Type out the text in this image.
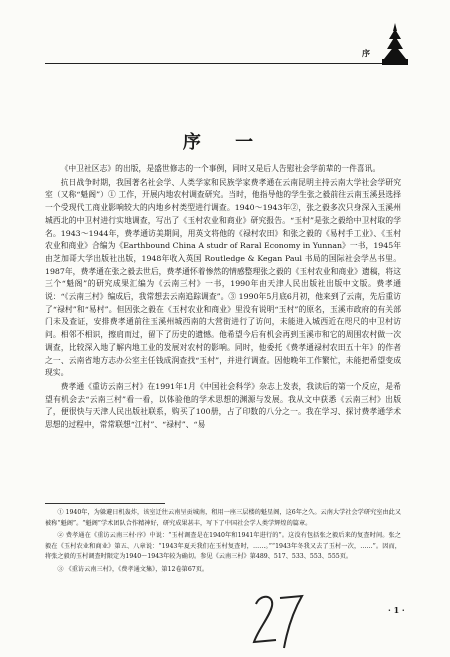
序
序 一

《中卫社区志》的出版，是盛世修志的一个事例，同时又是后人告慰社会学前辈的一件喜讯。

抗日战争时期，我国著名社会学、人类学家和民族学家费孝通在云南昆明主持云南大学社会学研究室（又称“魁阁”）① 工作，开展内地农村调查研究。当时，他指导他的学生张之毅前往云南玉溪县选择一个受现代工商业影响较大的内地乡村类型进行调查。1940～1943年②，张之毅多次只身深入玉溪州城西北的中卫村进行实地调查，写出了《玉村农业和商业》研究报告。“玉村”是张之毅给中卫村取的学名。1943～1944年，费孝通访美期间，用英文将他的《禄村农田》和张之毅的《易村手工业》、《玉村农业和商业》合编为《Earthbound China A studr of Raral Economy in Yunnan》一书，1945年由芝加哥大学出版社出版，1948年收入英国 Routledge & Kegan Paul 书局的国际社会学丛书里。1987年，费孝通在张之毅去世后，费孝通怀着惨然的情感整理张之毅的《玉村农业和商业》遗稿，将这三个“魁阁”的研究成果汇编为《云南三村》一书，1990年由天津人民出版社出版中文版。费孝通说：“《云南三村》编成后，我常想去云南追踪调查”。③ 1990年5月底6月初，他来到了云南，先后重访了“禄村”和“易村”。但因张之毅在《玉村农业和商业》里没有说明“玉村”的原名，玉溪市政府的有关部门未及查证，安排费孝通前往玉溪州城西南的大营街进行了访问，未能进入城西近在咫尺的中卫村访问。相邻不相识，擦肩而过，留下了历史的遗憾。他希望今后有机会再到玉溪市和它的周围农村做一次调查，比较深入地了解内地工业的发展对农村的影响。同时，他委托《费孝通禄村农田五十年》的作者之一、云南省地方志办公室主任钱成润查找“玉村”，并进行调查。因他晚年工作繁忙，未能把希望变成现实。

费孝通《重访云南三村》在1991年1月《中国社会科学》杂志上发表，我读后的第一个反应，是希望有机会去“云南三村”看一看，以体验他的学术思想的渊源与发展。我从文中获悉《云南三村》出版了，便很快与天津人民出版社联系，购买了100册，占了印数的八分之一。我在学习、探讨费孝通学术思想的过程中，常常联想“江村”、“禄村”、“易

① 1940年，为躲避日机轰炸，该室迁往云南呈贡城南，租用一座三层楼的魁星阁，这6年之久。云南大学社会学研究室由此又被称“魁阁”。“魁阁”学术团队合作精神好，研究成果甚丰，写下了中国社会学人类学辉煌的篇章。

② 费孝通在《重访云南三村·序》中说：“玉村调查是在1940年和1941年进行的”。这没有包括张之毅后来的复查时间。张之毅在《玉村农业和商业》第五、八章说：“1943年夏天我们在玉村复查时，……。”“1943年冬我又去了玉村一次，……”。因而，将张之毅的玉村调查时限定为1940～1943年较为确切。参见《云南三村》第489、517、533、553、555页。

③ 《重访云南三村》，《费孝通文集》，第12卷第67页。

· 1 ·
